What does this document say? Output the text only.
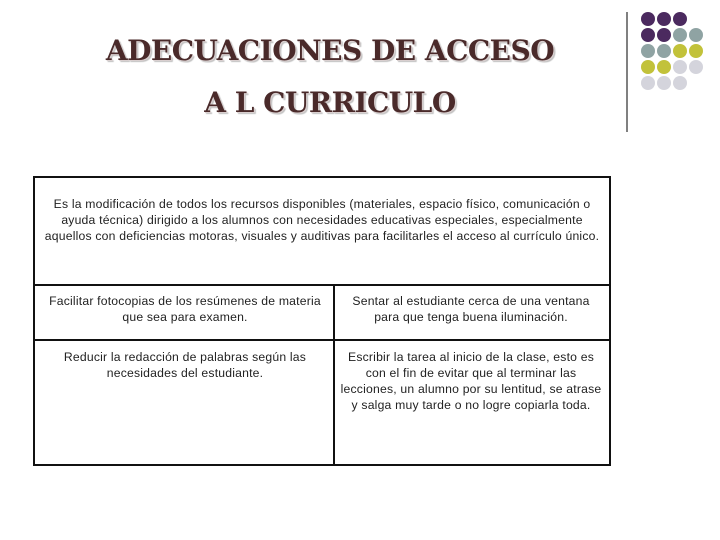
ADECUACIONES DE ACCESO
A L CURRICULO
Es la modificación de todos los recursos disponibles (materiales, espacio físico, comunicación o ayuda técnica) dirigido a los alumnos con necesidades educativas especiales, especialmente aquellos con deficiencias motoras, visuales y auditivas para facilitarles el acceso al currículo único.
Facilitar fotocopias de los resúmenes de materia que sea para examen.
Sentar al estudiante cerca de una ventana para que tenga buena iluminación.
Reducir la redacción de palabras según las necesidades del estudiante.
Escribir la tarea al inicio de la clase, esto es con el fin de evitar que al terminar las lecciones, un alumno por su lentitud, se atrase y salga muy tarde o no logre copiarla toda.
